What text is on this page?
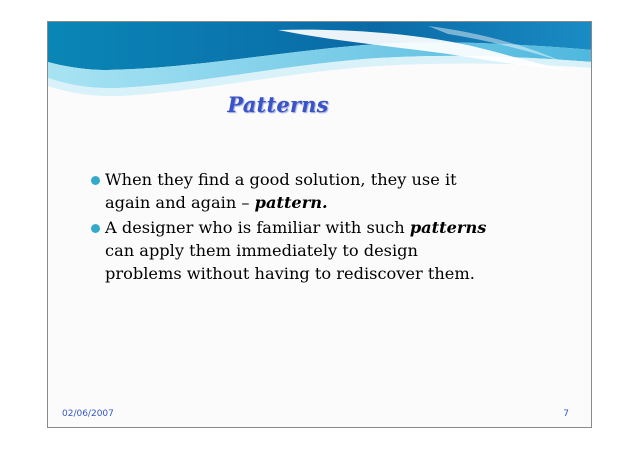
Patterns
When they find a good solution, they use it
again and again – pattern.
A designer who is familiar with such patterns
can apply them immediately to design
problems without having to rediscover them.
02/06/2007	7
